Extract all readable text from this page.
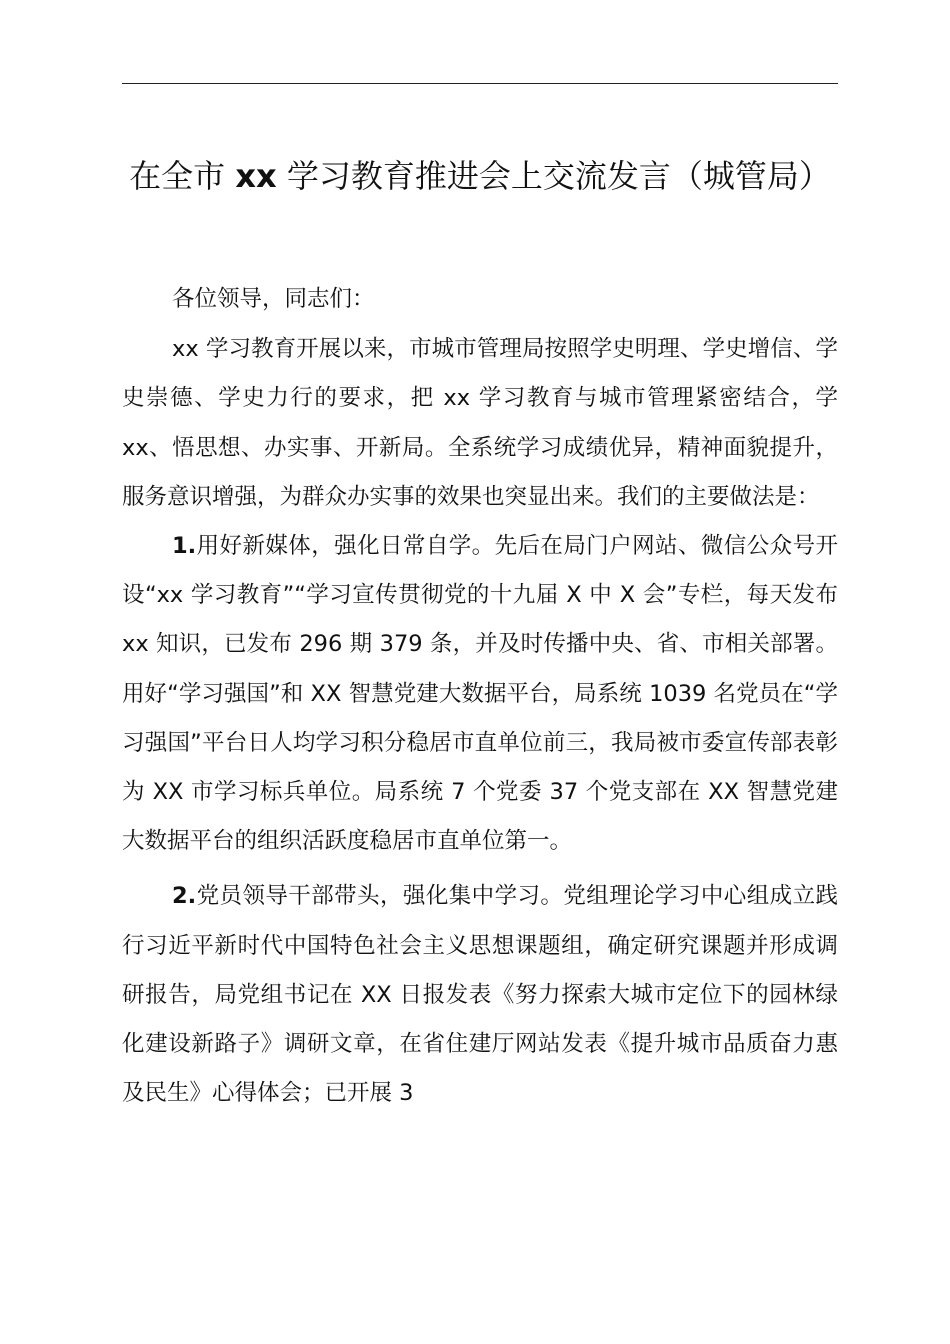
在全市 xx 学习教育推进会上交流发言（城管局）

各位领导，同志们：

xx 学习教育开展以来，市城市管理局按照学史明理、学史增信、学史崇德、学史力行的要求，把 xx 学习教育与城市管理紧密结合，学 xx、悟思想、办实事、开新局。全系统学习成绩优异，精神面貌提升，服务意识增强，为群众办实事的效果也突显出来。我们的主要做法是：

1.用好新媒体，强化日常自学。先后在局门户网站、微信公众号开设“xx 学习教育”“学习宣传贯彻党的十九届 X 中 X 会”专栏，每天发布 xx 知识，已发布 296 期 379 条，并及时传播中央、省、市相关部署。用好“学习强国”和 XX 智慧党建大数据平台，局系统 1039 名党员在“学习强国”平台日人均学习积分稳居市直单位前三，我局被市委宣传部表彰为 XX 市学习标兵单位。局系统 7 个党委 37 个党支部在 XX 智慧党建大数据平台的组织活跃度稳居市直单位第一。

2.党员领导干部带头，强化集中学习。党组理论学习中心组成立践行习近平新时代中国特色社会主义思想课题组，确定研究课题并形成调研报告，局党组书记在 XX 日报发表《努力探索大城市定位下的园林绿化建设新路子》调研文章，在省住建厅网站发表《提升城市品质奋力惠及民生》心得体会；已开展 3
